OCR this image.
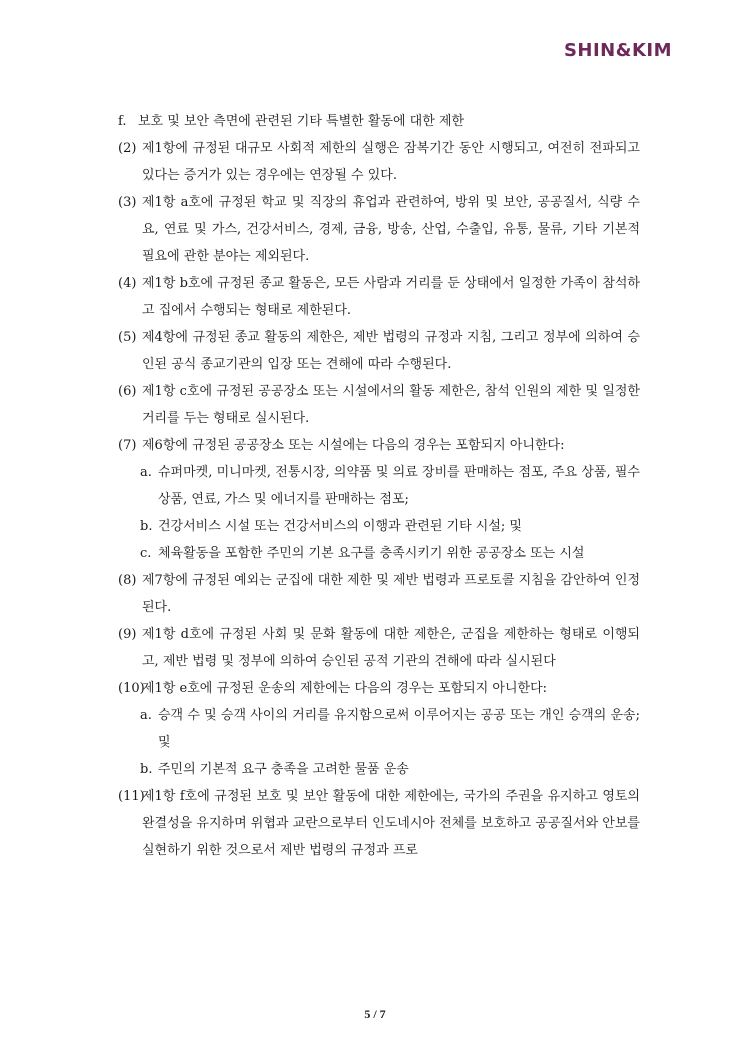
SHIN&KIM
f. 보호 및 보안 측면에 관련된 기타 특별한 활동에 대한 제한
(2) 제1항에 규정된 대규모 사회적 제한의 실행은 잠복기간 동안 시행되고, 여전히 전파되고 있다는 증거가 있는 경우에는 연장될 수 있다.
(3) 제1항 a호에 규정된 학교 및 직장의 휴업과 관련하여, 방위 및 보안, 공공질서, 식량 수요, 연료 및 가스, 건강서비스, 경제, 금융, 방송, 산업, 수출입, 유통, 물류, 기타 기본적 필요에 관한 분야는 제외된다.
(4) 제1항 b호에 규정된 종교 활동은, 모든 사람과 거리를 둔 상태에서 일정한 가족이 참석하고 집에서 수행되는 형태로 제한된다.
(5) 제4항에 규정된 종교 활동의 제한은, 제반 법령의 규정과 지침, 그리고 정부에 의하여 승인된 공식 종교기관의 입장 또는 견해에 따라 수행된다.
(6) 제1항 c호에 규정된 공공장소 또는 시설에서의 활동 제한은, 참석 인원의 제한 및 일정한 거리를 두는 형태로 실시된다.
(7) 제6항에 규정된 공공장소 또는 시설에는 다음의 경우는 포함되지 아니한다:
a. 슈퍼마켓, 미니마켓, 전통시장, 의약품 및 의료 장비를 판매하는 점포, 주요 상품, 필수 상품, 연료, 가스 및 에너지를 판매하는 점포;
b. 건강서비스 시설 또는 건강서비스의 이행과 관련된 기타 시설; 및
c. 체육활동을 포함한 주민의 기본 요구를 충족시키기 위한 공공장소 또는 시설
(8) 제7항에 규정된 예외는 군집에 대한 제한 및 제반 법령과 프로토콜 지침을 감안하여 인정된다.
(9) 제1항 d호에 규정된 사회 및 문화 활동에 대한 제한은, 군집을 제한하는 형태로 이행되고, 제반 법령 및 정부에 의하여 승인된 공적 기관의 견해에 따라 실시된다
(10)
제1항 e호에 규정된 운송의 제한에는 다음의 경우는 포함되지 아니한다:
a. 승객 수 및 승객 사이의 거리를 유지함으로써 이루어지는 공공 또는 개인 승객의 운송; 및
b. 주민의 기본적 요구 충족을 고려한 물품 운송
(11)
제1항 f호에 규정된 보호 및 보안 활동에 대한 제한에는, 국가의 주권을 유지하고 영토의 완결성을 유지하며 위협과 교란으로부터 인도네시아 전체를 보호하고 공공질서와 안보를 실현하기 위한 것으로서 제반 법령의 규정과 프로
5 / 7
